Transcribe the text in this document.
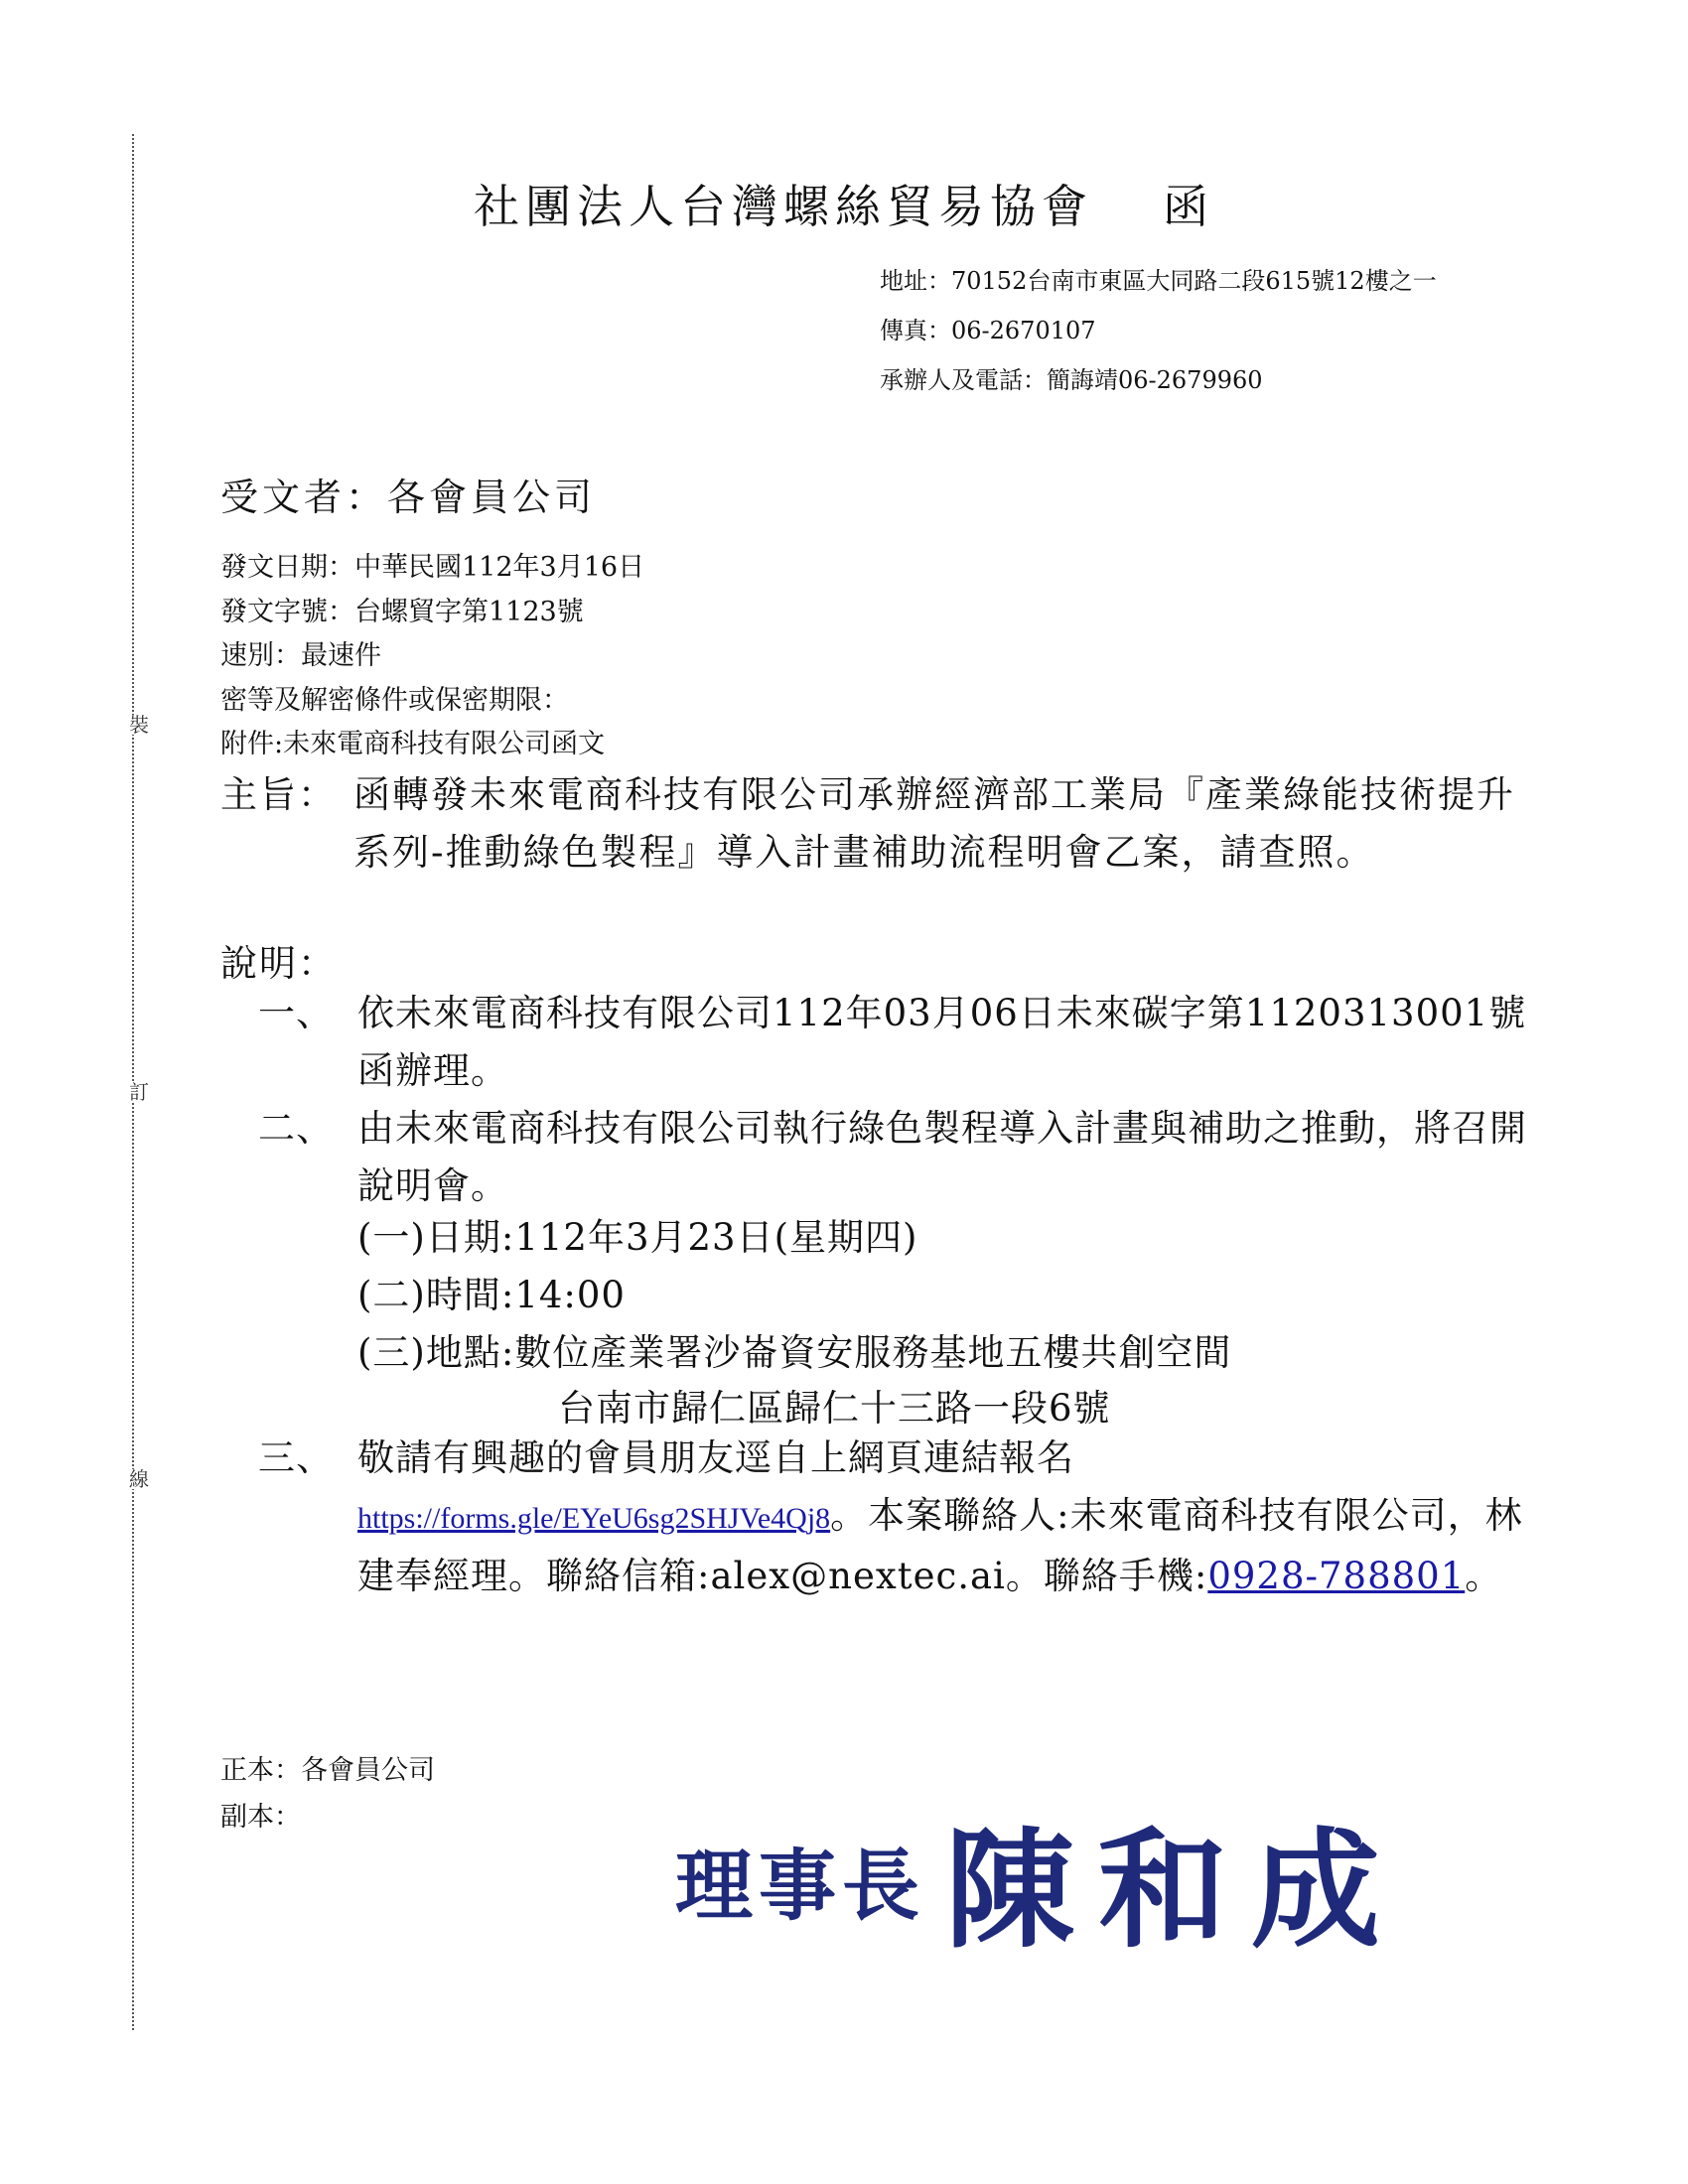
裝
訂
線
社團法人台灣螺絲貿易協會 函
地址：70152台南市東區大同路二段615號12樓之一
傳真：06-2670107
承辦人及電話：簡誨靖06-2679960
受文者：各會員公司
發文日期：中華民國112年3月16日
發文字號：台螺貿字第1123號
速別：最速件
密等及解密條件或保密期限：
附件:未來電商科技有限公司函文
主旨： 函轉發未來電商科技有限公司承辦經濟部工業局『產業綠能技術提升系列-推動綠色製程』導入計畫補助流程明會乙案，請查照。
說明：
一、 依未來電商科技有限公司112年03月06日未來碳字第1120313001號函辦理。
二、 由未來電商科技有限公司執行綠色製程導入計畫與補助之推動，將召開說明會。
(一)日期:112年3月23日(星期四)
(二)時間:14:00
(三)地點:數位產業署沙崙資安服務基地五樓共創空間
台南市歸仁區歸仁十三路一段6號
三、 敬請有興趣的會員朋友逕自上網頁連結報名 https://forms.gle/EYeU6sg2SHJVe4Qj8。本案聯絡人:未來電商科技有限公司，林建奉經理。聯絡信箱:alex@nextec.ai。聯絡手機:0928-788801。
正本：各會員公司
副本：
理事長 陳和成
